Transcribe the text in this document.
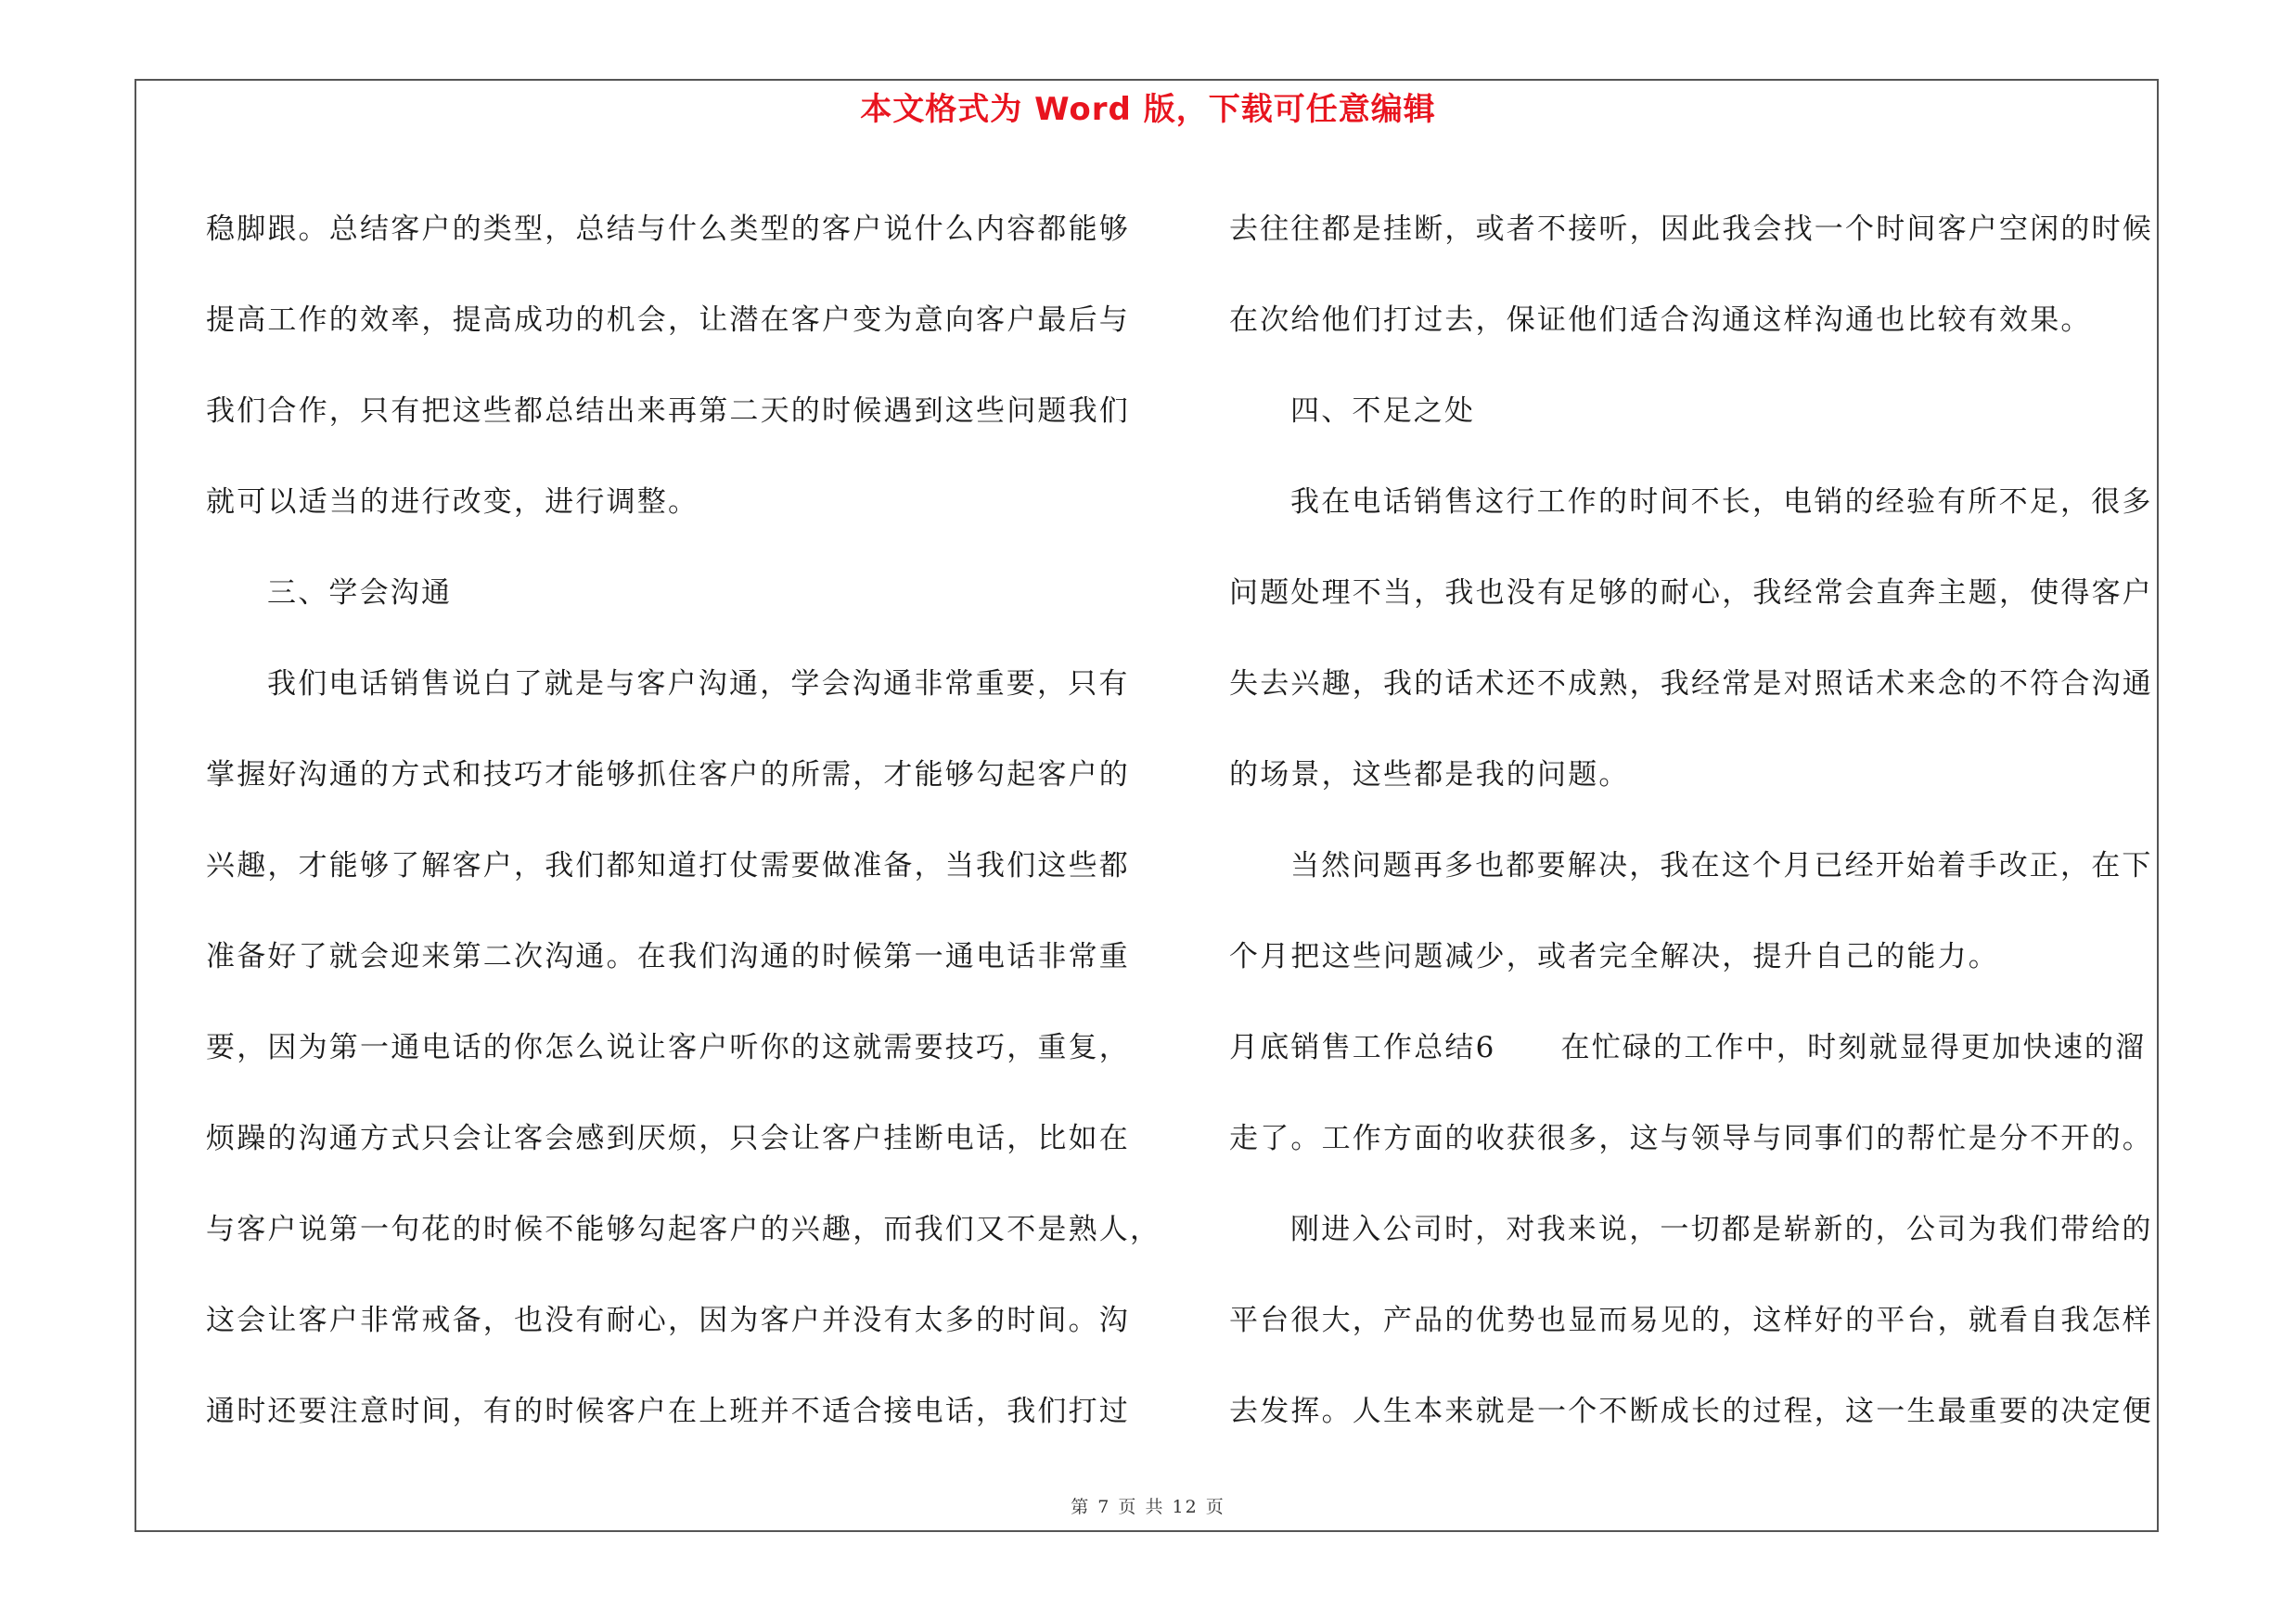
本文格式为 Word 版，下载可任意编辑
稳脚跟。总结客户的类型，总结与什么类型的客户说什么内容都能够
提高工作的效率，提高成功的机会，让潜在客户变为意向客户最后与
我们合作，只有把这些都总结出来再第二天的时候遇到这些问题我们
就可以适当的进行改变，进行调整。
三、学会沟通
我们电话销售说白了就是与客户沟通，学会沟通非常重要，只有
掌握好沟通的方式和技巧才能够抓住客户的所需，才能够勾起客户的
兴趣，才能够了解客户，我们都知道打仗需要做准备，当我们这些都
准备好了就会迎来第二次沟通。在我们沟通的时候第一通电话非常重
要，因为第一通电话的你怎么说让客户听你的这就需要技巧，重复，
烦躁的沟通方式只会让客会感到厌烦，只会让客户挂断电话，比如在
与客户说第一句花的时候不能够勾起客户的兴趣，而我们又不是熟人，
这会让客户非常戒备，也没有耐心，因为客户并没有太多的时间。沟
通时还要注意时间，有的时候客户在上班并不适合接电话，我们打过
去往往都是挂断，或者不接听，因此我会找一个时间客户空闲的时候
在次给他们打过去，保证他们适合沟通这样沟通也比较有效果。
四、不足之处
我在电话销售这行工作的时间不长，电销的经验有所不足，很多
问题处理不当，我也没有足够的耐心，我经常会直奔主题，使得客户
失去兴趣，我的话术还不成熟，我经常是对照话术来念的不符合沟通
的场景，这些都是我的问题。
当然问题再多也都要解决，我在这个月已经开始着手改正，在下
个月把这些问题减少，或者完全解决，提升自己的能力。
月底销售工作总结6 在忙碌的工作中，时刻就显得更加快速的溜
走了。工作方面的收获很多，这与领导与同事们的帮忙是分不开的。
刚进入公司时，对我来说，一切都是崭新的，公司为我们带给的
平台很大，产品的优势也显而易见的，这样好的平台，就看自我怎样
去发挥。人生本来就是一个不断成长的过程，这一生最重要的决定便
第 7 页 共 12 页
